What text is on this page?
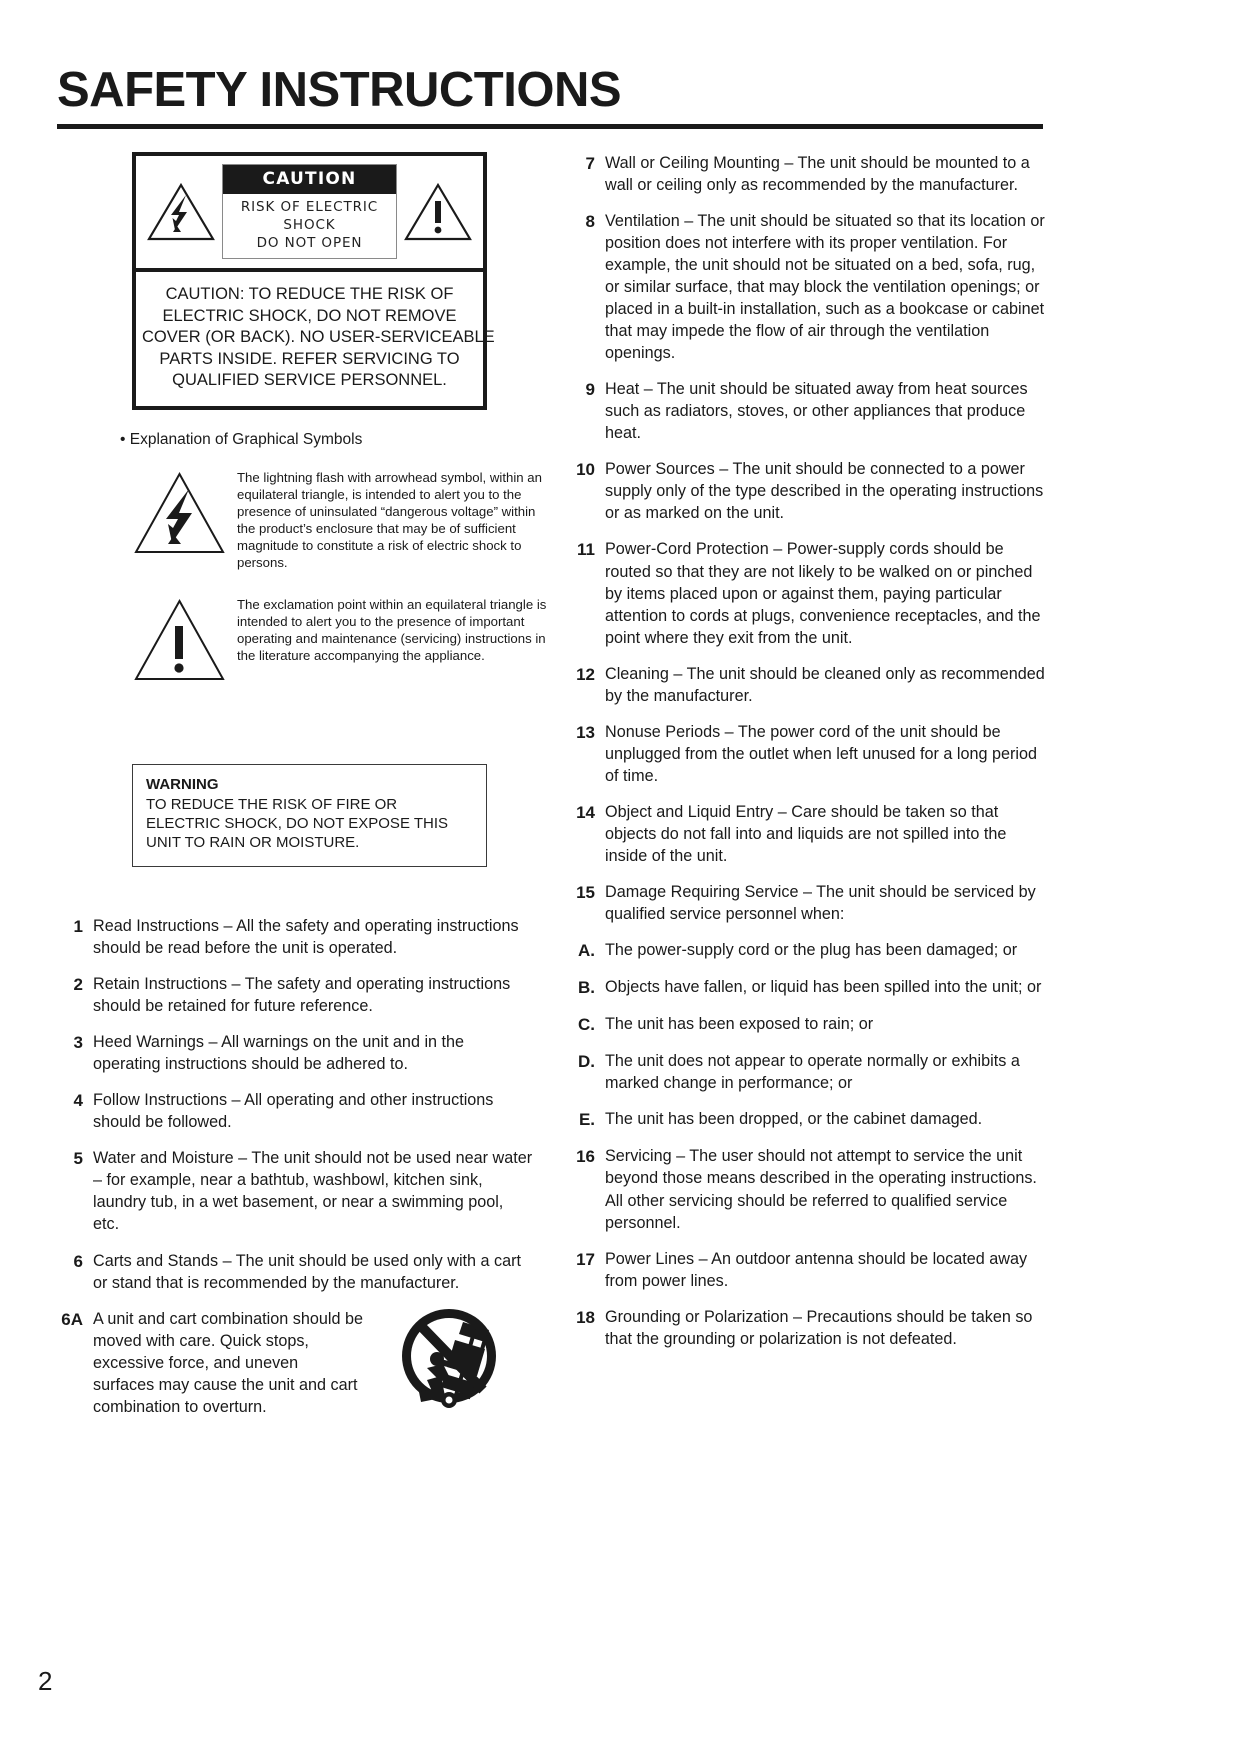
SAFETY INSTRUCTIONS
CAUTION
RISK OF ELECTRIC SHOCK
DO NOT OPEN
CAUTION: TO REDUCE THE RISK OF
ELECTRIC SHOCK, DO NOT REMOVE
COVER (OR BACK). NO USER-SERVICEABLE
PARTS INSIDE. REFER SERVICING TO
QUALIFIED SERVICE PERSONNEL.
• Explanation of Graphical Symbols
The lightning flash with arrowhead symbol, within an equilateral triangle, is intended to alert you to the presence of uninsulated “dangerous voltage” within the product’s enclosure that may be of sufficient magnitude to constitute a risk of electric shock to persons.
The exclamation point within an equilateral triangle is intended to alert you to the presence of important operating and maintenance (servicing) instructions in the literature accompanying the appliance.
WARNING
TO REDUCE THE RISK OF FIRE OR ELECTRIC SHOCK, DO NOT EXPOSE THIS UNIT TO RAIN OR MOISTURE.
1 Read Instructions – All the safety and operating instructions should be read before the unit is operated.
2 Retain Instructions – The safety and operating instructions should be retained for future reference.
3 Heed Warnings – All warnings on the unit and in the operating instructions should be adhered to.
4 Follow Instructions – All operating and other instructions should be followed.
5 Water and Moisture – The unit should not be used near water – for example, near a bathtub, washbowl, kitchen sink, laundry tub, in a wet basement, or near a swimming pool, etc.
6 Carts and Stands – The unit should be used only with a cart or stand that is recommended by the manufacturer.
6A A unit and cart combination should be moved with care. Quick stops, excessive force, and uneven surfaces may cause the unit and cart combination to overturn.
7 Wall or Ceiling Mounting – The unit should be mounted to a wall or ceiling only as recommended by the manufacturer.
8 Ventilation – The unit should be situated so that its location or position does not interfere with its proper ventilation. For example, the unit should not be situated on a bed, sofa, rug, or similar surface, that may block the ventilation openings; or placed in a built-in installation, such as a bookcase or cabinet that may impede the flow of air through the ventilation openings.
9 Heat – The unit should be situated away from heat sources such as radiators, stoves, or other appliances that produce heat.
10 Power Sources – The unit should be connected to a power supply only of the type described in the operating instructions or as marked on the unit.
11 Power-Cord Protection – Power-supply cords should be routed so that they are not likely to be walked on or pinched by items placed upon or against them, paying particular attention to cords at plugs, convenience receptacles, and the point where they exit from the unit.
12 Cleaning – The unit should be cleaned only as recommended by the manufacturer.
13 Nonuse Periods – The power cord of the unit should be unplugged from the outlet when left unused for a long period of time.
14 Object and Liquid Entry – Care should be taken so that objects do not fall into and liquids are not spilled into the inside of the unit.
15 Damage Requiring Service – The unit should be serviced by qualified service personnel when:
A. The power-supply cord or the plug has been damaged; or
B. Objects have fallen, or liquid has been spilled into the unit; or
C. The unit has been exposed to rain; or
D. The unit does not appear to operate normally or exhibits a marked change in performance; or
E. The unit has been dropped, or the cabinet damaged.
16 Servicing – The user should not attempt to service the unit beyond those means described in the operating instructions. All other servicing should be referred to qualified service personnel.
17 Power Lines – An outdoor antenna should be located away from power lines.
18 Grounding or Polarization – Precautions should be taken so that the grounding or polarization is not defeated.
2
